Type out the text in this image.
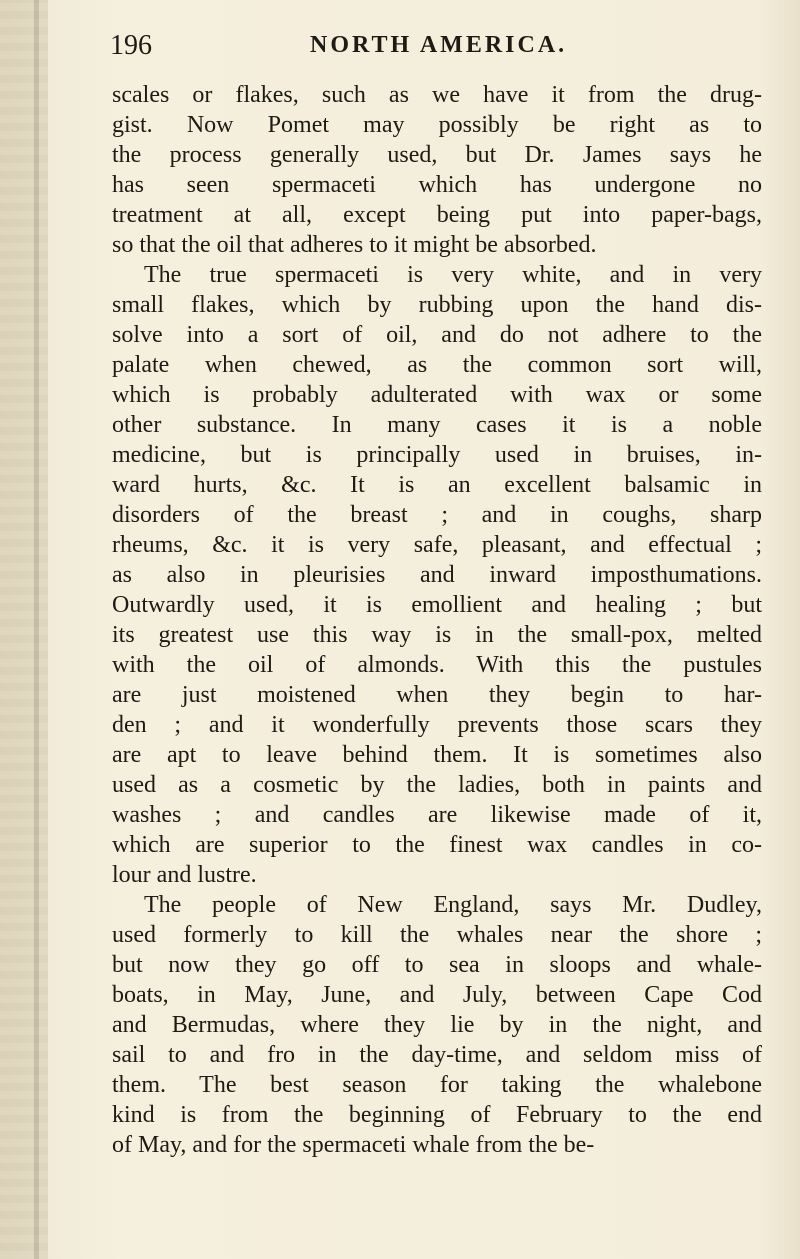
196	NORTH AMERICA.
scales or flakes, such as we have it from the drug-
gist. Now Pomet may possibly be right as to
the process generally used, but Dr. James says he
has seen spermaceti which has undergone no
treatment at all, except being put into paper-bags,
so that the oil that adheres to it might be absorbed.
The true spermaceti is very white, and in very
small flakes, which by rubbing upon the hand dis-
solve into a sort of oil, and do not adhere to the
palate when chewed, as the common sort will,
which is probably adulterated with wax or some
other substance. In many cases it is a noble
medicine, but is principally used in bruises, in-
ward hurts, &c. It is an excellent balsamic in
disorders of the breast ; and in coughs, sharp
rheums, &c. it is very safe, pleasant, and effectual ;
as also in pleurisies and inward imposthumations.
Outwardly used, it is emollient and healing ; but
its greatest use this way is in the small-pox, melted
with the oil of almonds. With this the pustules
are just moistened when they begin to har-
den ; and it wonderfully prevents those scars they
are apt to leave behind them. It is sometimes also
used as a cosmetic by the ladies, both in paints and
washes ; and candles are likewise made of it,
which are superior to the finest wax candles in co-
lour and lustre.
The people of New England, says Mr. Dudley,
used formerly to kill the whales near the shore ;
but now they go off to sea in sloops and whale-
boats, in May, June, and July, between Cape Cod
and Bermudas, where they lie by in the night, and
sail to and fro in the day-time, and seldom miss of
them. The best season for taking the whalebone
kind is from the beginning of February to the end
of May, and for the spermaceti whale from the be-
